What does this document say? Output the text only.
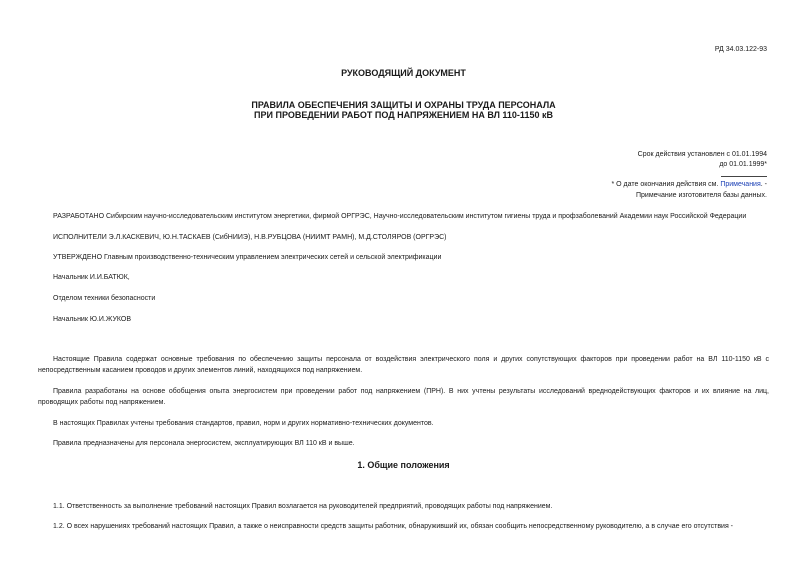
РД 34.03.122-93
РУКОВОДЯЩИЙ ДОКУМЕНТ
ПРАВИЛА ОБЕСПЕЧЕНИЯ ЗАЩИТЫ И ОХРАНЫ ТРУДА ПЕРСОНАЛА
ПРИ ПРОВЕДЕНИИ РАБОТ ПОД НАПРЯЖЕНИЕМ НА ВЛ 110-1150 кВ
Срок действия установлен с 01.01.1994
до 01.01.1999*
* О дате окончания действия см. Примечания. -
Примечание изготовителя базы данных.
РАЗРАБОТАНО Сибирским научно-исследовательским институтом энергетики, фирмой ОРГРЭС, Научно-исследовательским институтом гигиены труда и профзаболеваний Академии наук Российской Федерации
ИСПОЛНИТЕЛИ Э.Л.КАСКЕВИЧ, Ю.Н.ТАСКАЕВ (СибНИИЭ), Н.В.РУБЦОВА (НИИМТ РАМН), М.Д.СТОЛЯРОВ (ОРГРЭС)
УТВЕРЖДЕНО Главным производственно-техническим управлением электрических сетей и сельской электрификации
Начальник И.И.БАТЮК,
Отделом техники безопасности
Начальник Ю.И.ЖУКОВ
Настоящие Правила содержат основные требования по обеспечению защиты персонала от воздействия электрического поля и других сопутствующих факторов при проведении работ на ВЛ 110-1150 кВ с непосредственным касанием проводов и других элементов линий, находящихся под напряжением.
Правила разработаны на основе обобщения опыта энергосистем при проведении работ под напряжением (ПРН). В них учтены результаты исследований вреднодействующих факторов и их влияние на лиц, проводящих работы под напряжением.
В настоящих Правилах учтены требования стандартов, правил, норм и других нормативно-технических документов.
Правила предназначены для персонала энергосистем, эксплуатирующих ВЛ 110 кВ и выше.
1. Общие положения
1.1. Ответственность за выполнение требований настоящих Правил возлагается на руководителей предприятий, проводящих работы под напряжением.
1.2. О всех нарушениях требований настоящих Правил, а также о неисправности средств защиты работник, обнаруживший их, обязан сообщить непосредственному руководителю, а в случае его отсутствия -
